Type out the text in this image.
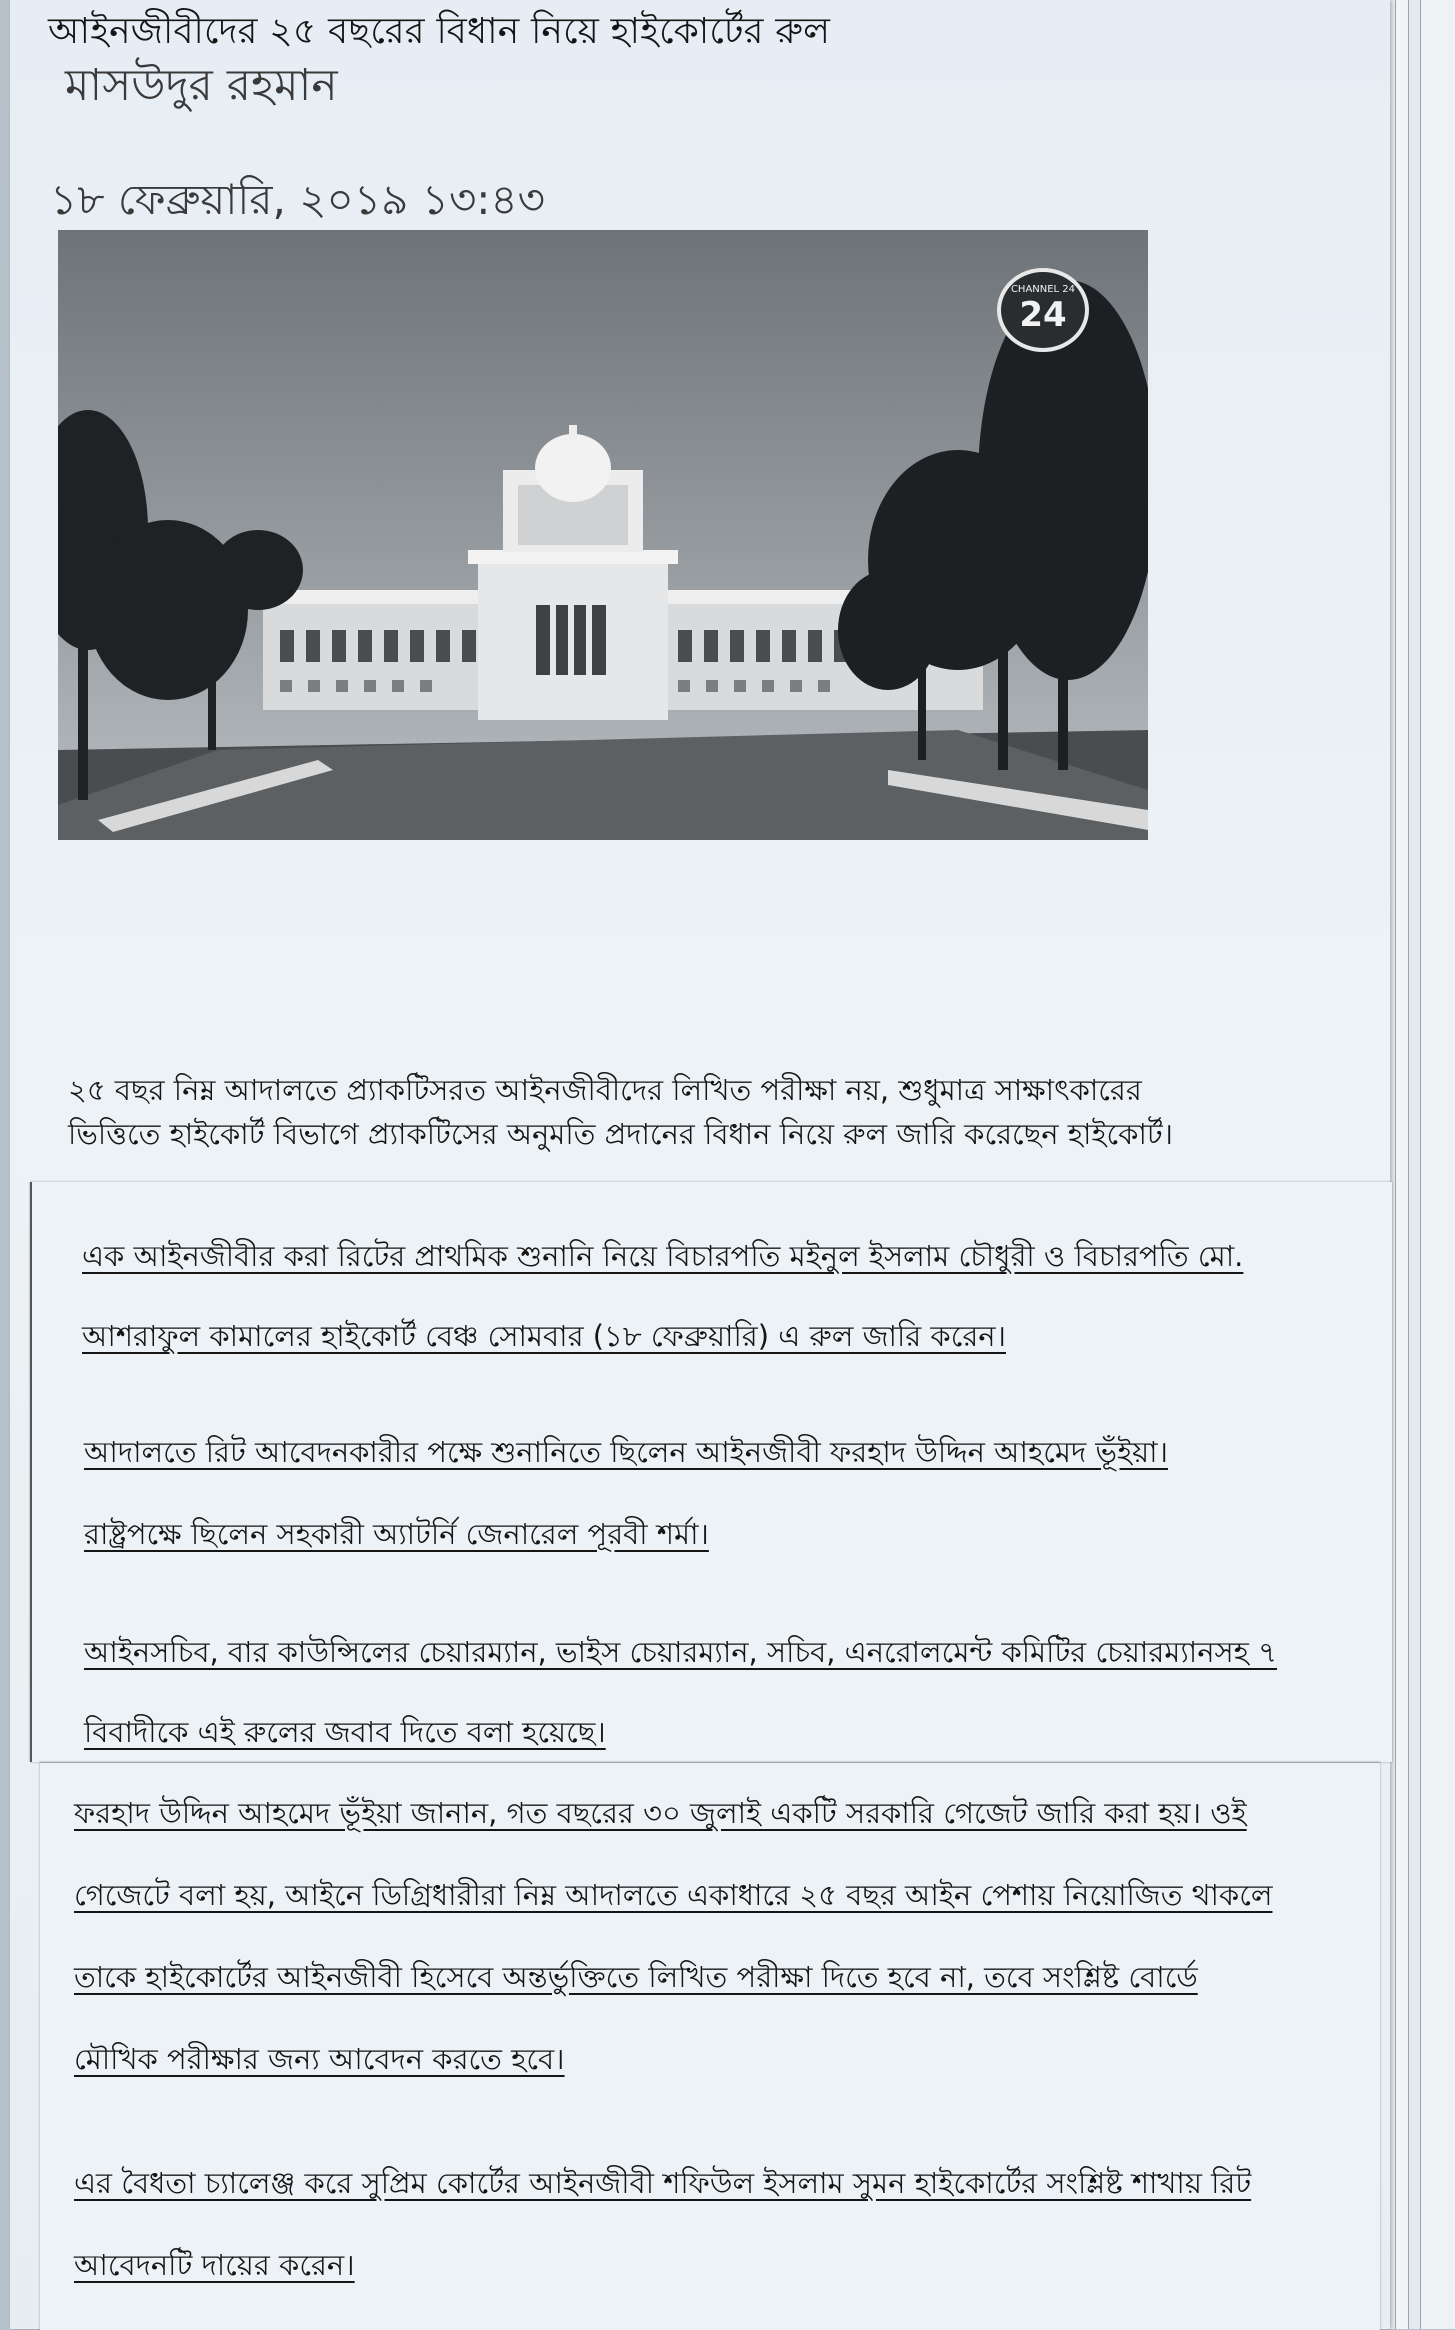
আইনজীবীদের ২৫ বছরের বিধান নিয়ে হাইকোর্টের রুল
মাসউদুর রহমান
১৮ ফেব্রুয়ারি, ২০১৯ ১৩:৪৩
24
CHANNEL 24
২৫ বছর নিম্ন আদালতে প্র্যাকটিসরত আইনজীবীদের লিখিত পরীক্ষা নয়, শুধুমাত্র সাক্ষাৎকারের
ভিত্তিতে হাইকোর্ট বিভাগে প্র্যাকটিসের অনুমতি প্রদানের বিধান নিয়ে রুল জারি করেছেন হাইকোর্ট।
এক আইনজীবীর করা রিটের প্রাথমিক শুনানি নিয়ে বিচারপতি মইনুল ইসলাম চৌধুরী ও বিচারপতি মো.
আশরাফুল কামালের হাইকোর্ট বেঞ্চ সোমবার (১৮ ফেব্রুয়ারি) এ রুল জারি করেন।
আদালতে রিট আবেদনকারীর পক্ষে শুনানিতে ছিলেন আইনজীবী ফরহাদ উদ্দিন আহমেদ ভূঁইয়া।
রাষ্ট্রপক্ষে ছিলেন সহকারী অ্যাটর্নি জেনারেল পূরবী শর্মা।
আইনসচিব, বার কাউন্সিলের চেয়ারম্যান, ভাইস চেয়ারম্যান, সচিব, এনরোলমেন্ট কমিটির চেয়ারম্যানসহ ৭
বিবাদীকে এই রুলের জবাব দিতে বলা হয়েছে।
ফরহাদ উদ্দিন আহমেদ ভূঁইয়া জানান, গত বছরের ৩০ জুলাই একটি সরকারি গেজেট জারি করা হয়। ওই
গেজেটে বলা হয়, আইনে ডিগ্রিধারীরা নিম্ন আদালতে একাধারে ২৫ বছর আইন পেশায় নিয়োজিত থাকলে
তাকে হাইকোর্টের আইনজীবী হিসেবে অন্তর্ভুক্তিতে লিখিত পরীক্ষা দিতে হবে না, তবে সংশ্লিষ্ট বোর্ডে
মৌখিক পরীক্ষার জন্য আবেদন করতে হবে।
এর বৈধতা চ্যালেঞ্জ করে সুপ্রিম কোর্টের আইনজীবী শফিউল ইসলাম সুমন হাইকোর্টের সংশ্লিষ্ট শাখায় রিট
আবেদনটি দায়ের করেন।
